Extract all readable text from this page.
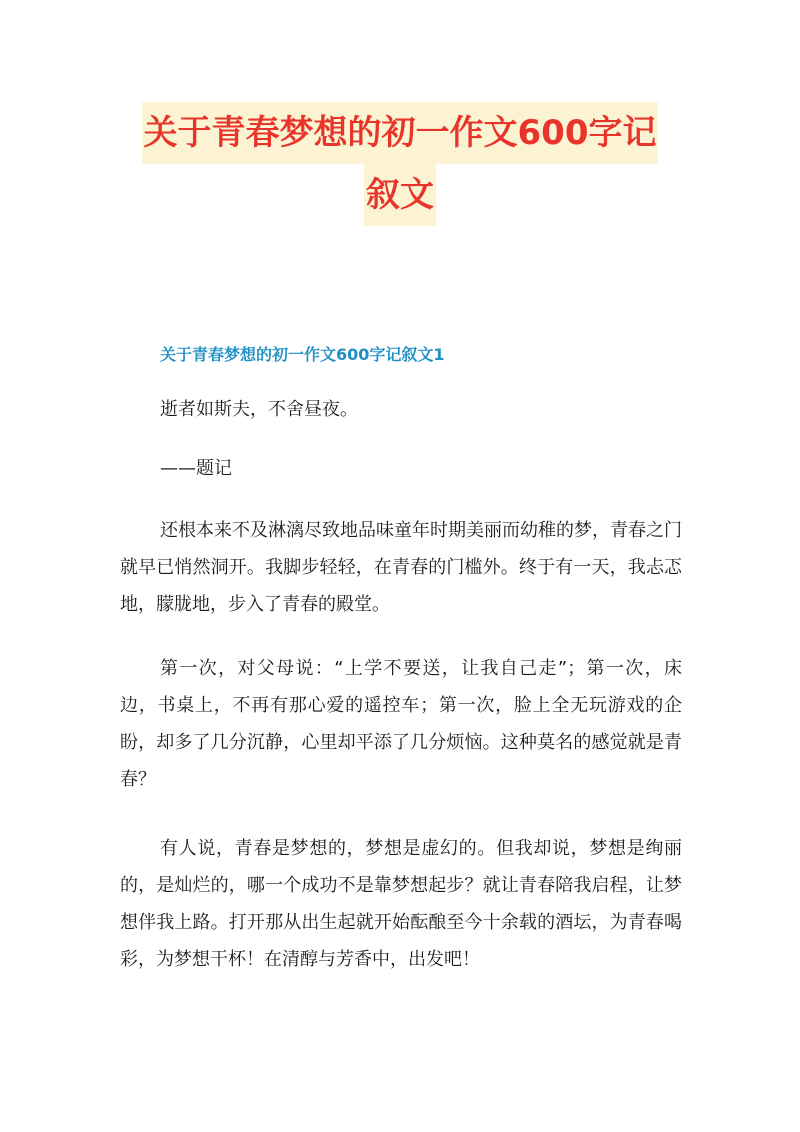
关于青春梦想的初一作文600字记
叙文
关于青春梦想的初一作文600字记叙文1
逝者如斯夫，不舍昼夜。
——题记

还根本来不及淋漓尽致地品味童年时期美丽而幼稚的梦，青春之门就早已悄然洞开。我脚步轻轻，在青春的门槛外。终于有一天，我忐忑地，朦胧地，步入了青春的殿堂。

第一次，对父母说：“上学不要送，让我自己走”；第一次，床边，书桌上，不再有那心爱的遥控车；第一次，脸上全无玩游戏的企盼，却多了几分沉静，心里却平添了几分烦恼。这种莫名的感觉就是青春？

有人说，青春是梦想的，梦想是虚幻的。但我却说，梦想是绚丽的，是灿烂的，哪一个成功不是靠梦想起步？就让青春陪我启程，让梦想伴我上路。打开那从出生起就开始酝酿至今十余载的酒坛，为青春喝彩，为梦想干杯！在清醇与芳香中，出发吧！
